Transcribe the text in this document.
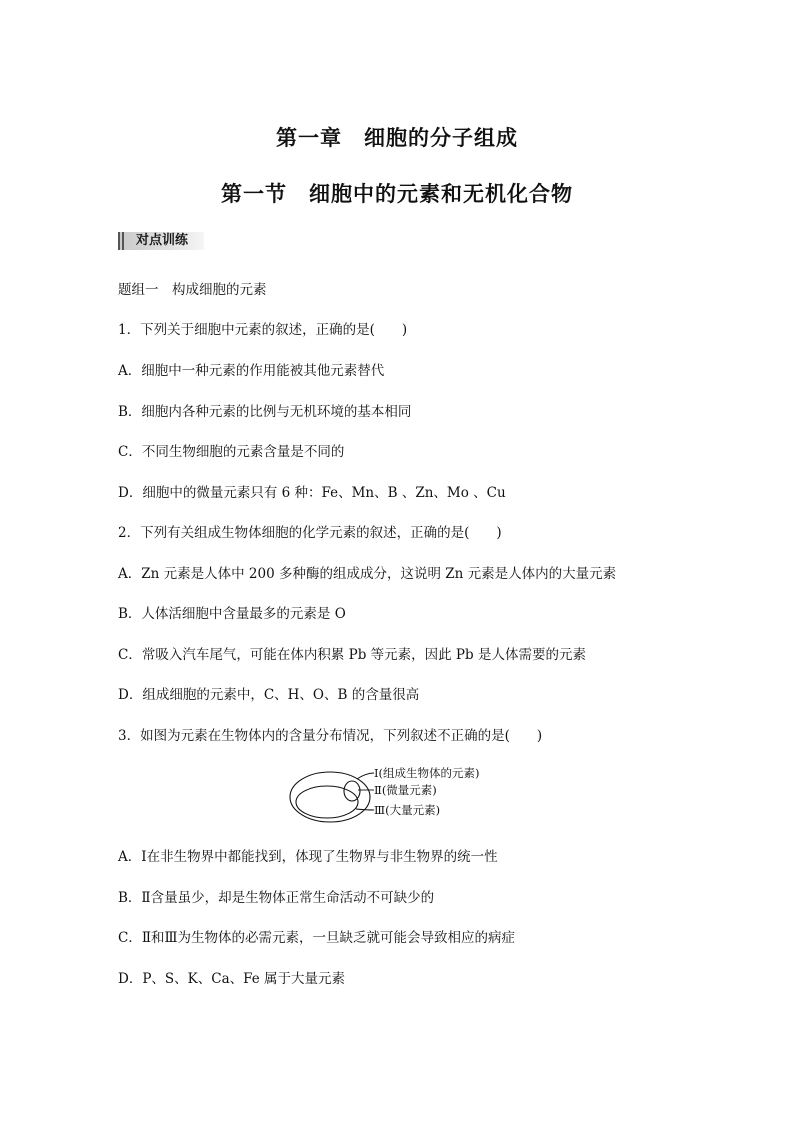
第一章　细胞的分子组成
第一节　细胞中的元素和无机化合物
对点训练
题组一　构成细胞的元素
1．下列关于细胞中元素的叙述，正确的是(　　)
A．细胞中一种元素的作用能被其他元素替代
B．细胞内各种元素的比例与无机环境的基本相同
C．不同生物细胞的元素含量是不同的
D．细胞中的微量元素只有 6 种：Fe、Mn、B 、Zn、Mo 、Cu
2．下列有关组成生物体细胞的化学元素的叙述，正确的是(　　)
A．Zn 元素是人体中 200 多种酶的组成成分，这说明 Zn 元素是人体内的大量元素
B．人体活细胞中含量最多的元素是 O
C．常吸入汽车尾气，可能在体内积累 Pb 等元素，因此 Pb 是人体需要的元素
D．组成细胞的元素中，C、H、O、B 的含量很高
3．如图为元素在生物体内的含量分布情况，下列叙述不正确的是(　　)
Ⅰ(组成生物体的元素)
Ⅱ(微量元素)
Ⅲ(大量元素)
A．Ⅰ在非生物界中都能找到，体现了生物界与非生物界的统一性
B．Ⅱ含量虽少，却是生物体正常生命活动不可缺少的
C．Ⅱ和Ⅲ为生物体的必需元素，一旦缺乏就可能会导致相应的病症
D．P、S、K、Ca、Fe 属于大量元素
